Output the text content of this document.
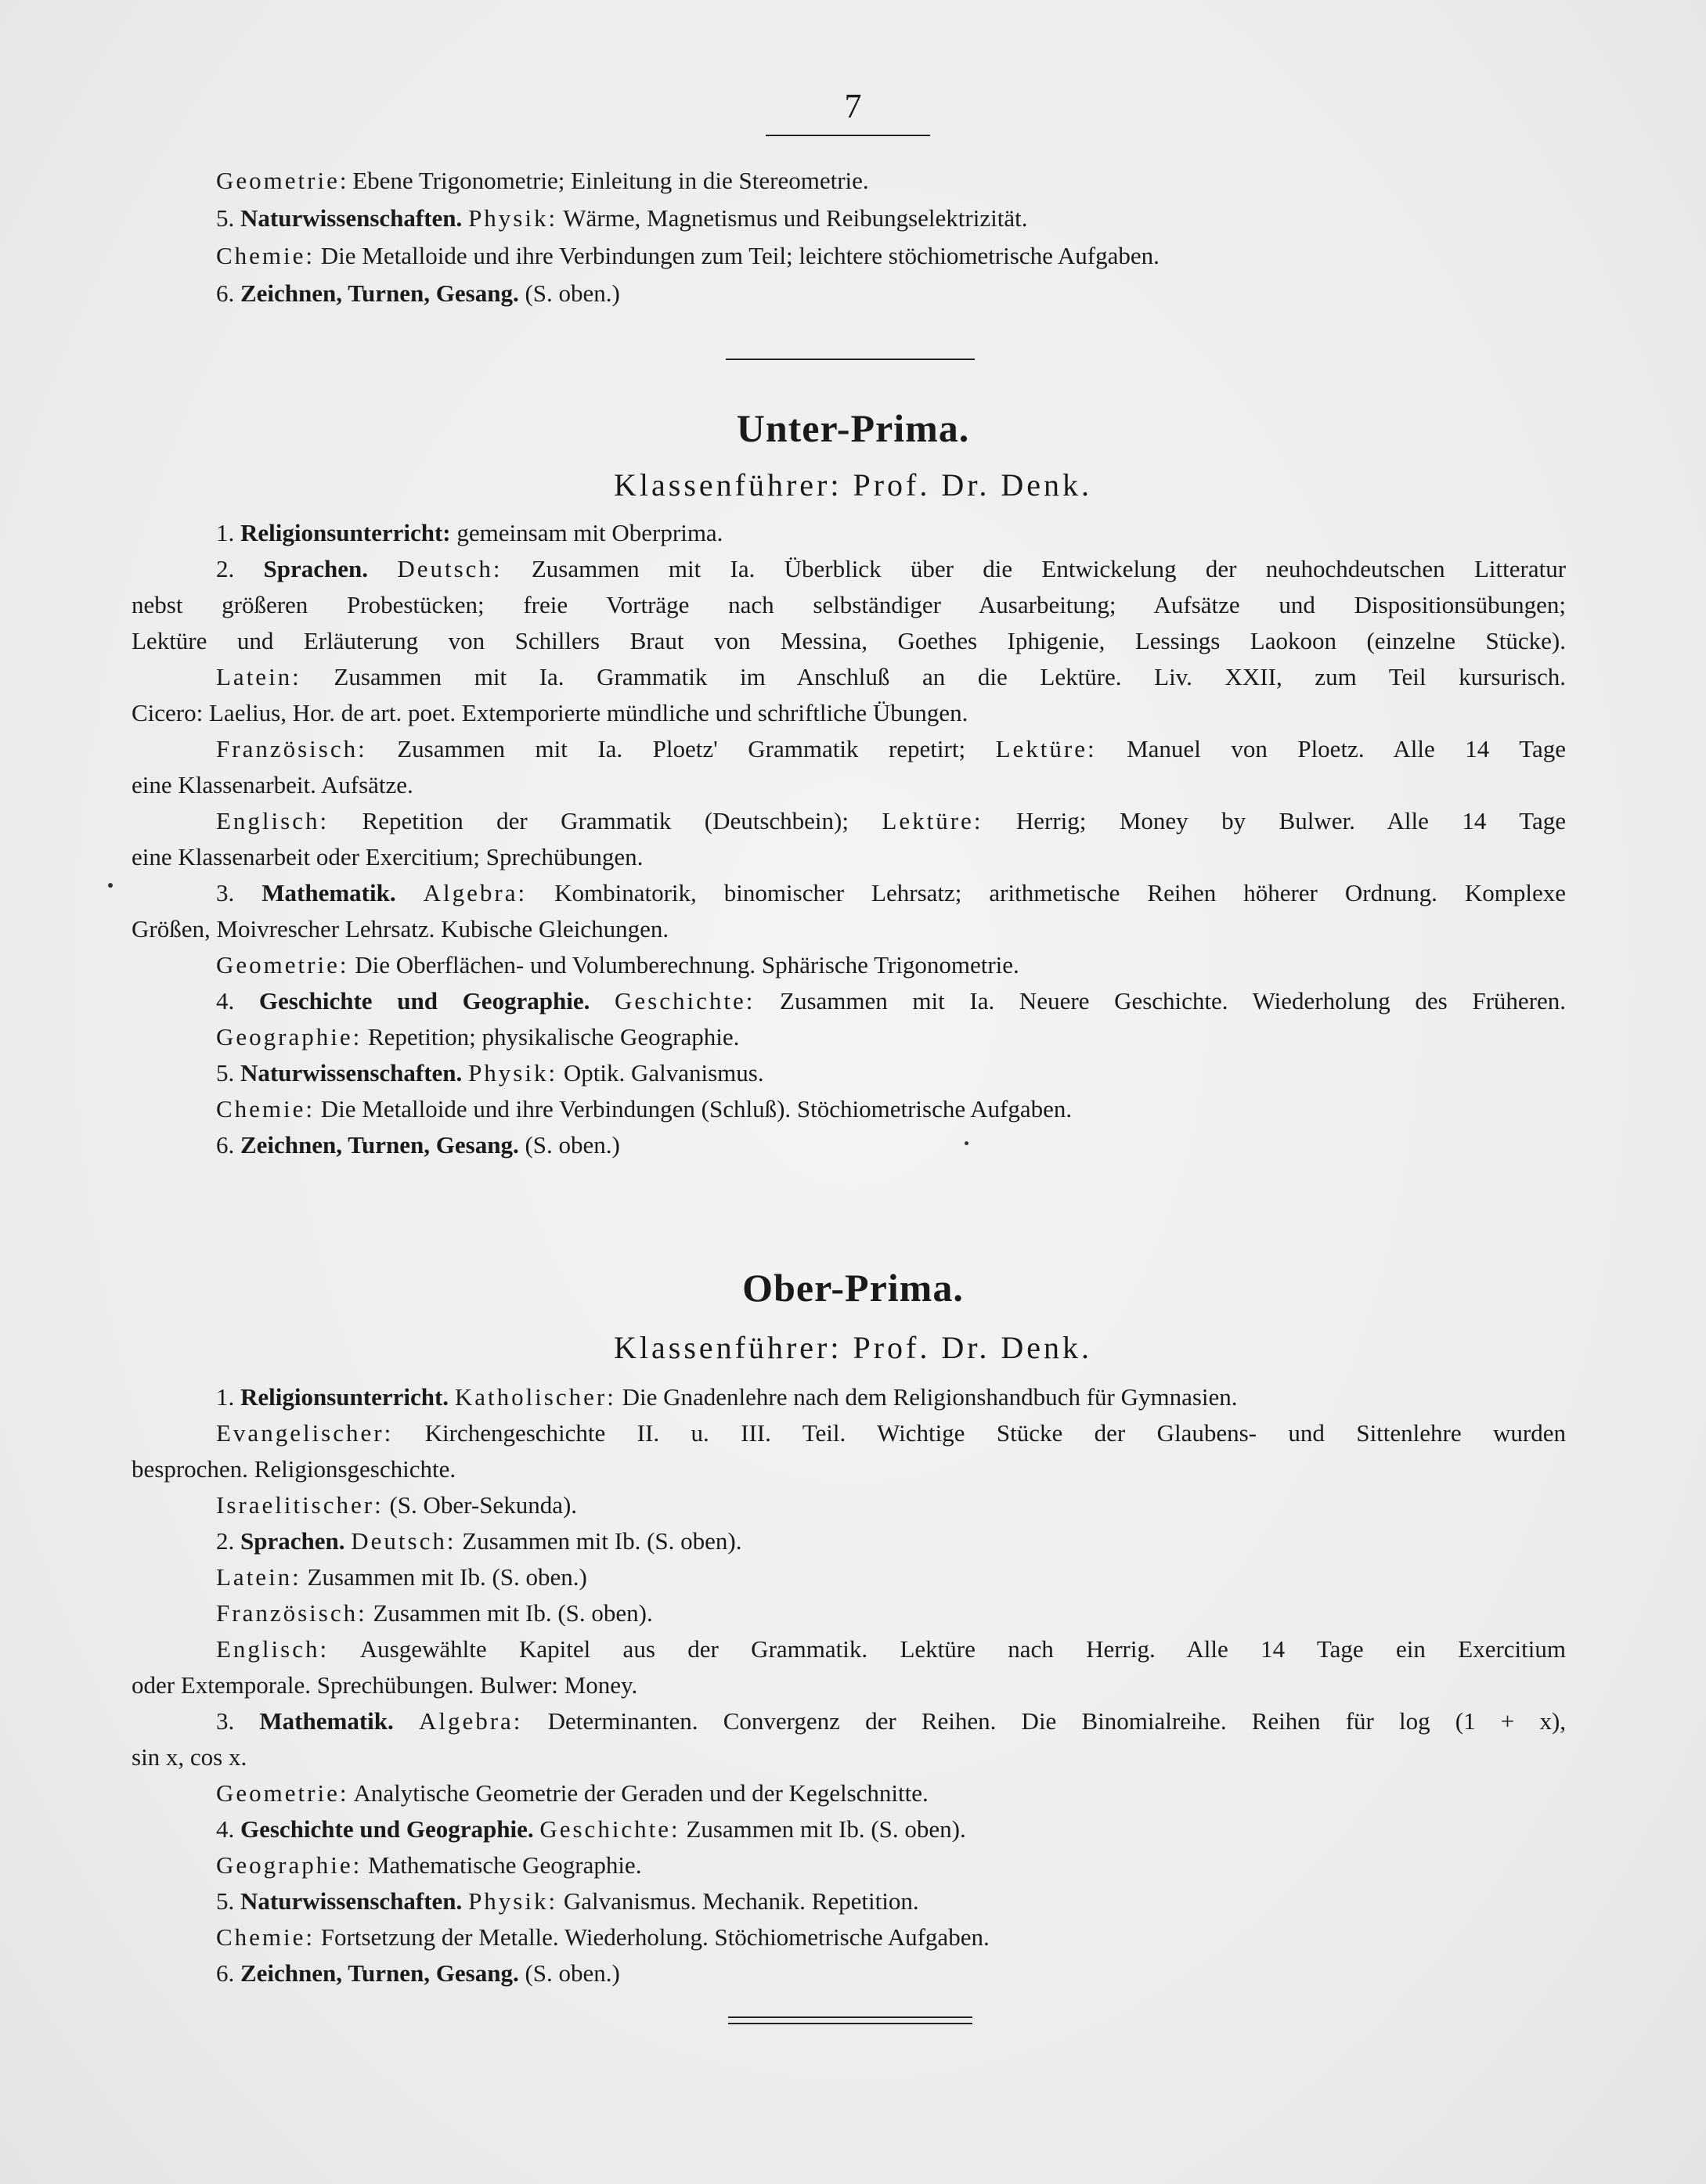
7
Geometrie: Ebene Trigonometrie; Einleitung in die Stereometrie.
5. Naturwissenschaften. Physik: Wärme, Magnetismus und Reibungselektrizität.
Chemie: Die Metalloide und ihre Verbindungen zum Teil; leichtere stöchiometrische Aufgaben.
6. Zeichnen, Turnen, Gesang. (S. oben.)
Unter-Prima.
Klassenführer: Prof. Dr. Denk.
1. Religionsunterricht: gemeinsam mit Oberprima.
2. Sprachen. Deutsch: Zusammen mit Ia. Überblick über die Entwickelung der neuhochdeutschen Litteratur
nebst größeren Probestücken; freie Vorträge nach selbständiger Ausarbeitung; Aufsätze und Dispositionsübungen;
Lektüre und Erläuterung von Schillers Braut von Messina, Goethes Iphigenie, Lessings Laokoon (einzelne Stücke).
Latein: Zusammen mit Ia. Grammatik im Anschluß an die Lektüre. Liv. XXII, zum Teil kursurisch.
Cicero: Laelius, Hor. de art. poet. Extemporierte mündliche und schriftliche Übungen.
Französisch: Zusammen mit Ia. Ploetz' Grammatik repetirt; Lektüre: Manuel von Ploetz. Alle 14 Tage
eine Klassenarbeit. Aufsätze.
Englisch: Repetition der Grammatik (Deutschbein); Lektüre: Herrig; Money by Bulwer. Alle 14 Tage
eine Klassenarbeit oder Exercitium; Sprechübungen.
3. Mathematik. Algebra: Kombinatorik, binomischer Lehrsatz; arithmetische Reihen höherer Ordnung. Komplexe
Größen, Moivrescher Lehrsatz. Kubische Gleichungen.
Geometrie: Die Oberflächen- und Volumberechnung. Sphärische Trigonometrie.
4. Geschichte und Geographie. Geschichte: Zusammen mit Ia. Neuere Geschichte. Wiederholung des Früheren.
Geographie: Repetition; physikalische Geographie.
5. Naturwissenschaften. Physik: Optik. Galvanismus.
Chemie: Die Metalloide und ihre Verbindungen (Schluß). Stöchiometrische Aufgaben.
6. Zeichnen, Turnen, Gesang. (S. oben.)
Ober-Prima.
Klassenführer: Prof. Dr. Denk.
1. Religionsunterricht. Katholischer: Die Gnadenlehre nach dem Religionshandbuch für Gymnasien.
Evangelischer: Kirchengeschichte II. u. III. Teil. Wichtige Stücke der Glaubens- und Sittenlehre wurden
besprochen. Religionsgeschichte.
Israelitischer: (S. Ober-Sekunda).
2. Sprachen. Deutsch: Zusammen mit Ib. (S. oben).
Latein: Zusammen mit Ib. (S. oben.)
Französisch: Zusammen mit Ib. (S. oben).
Englisch: Ausgewählte Kapitel aus der Grammatik. Lektüre nach Herrig. Alle 14 Tage ein Exercitium
oder Extemporale. Sprechübungen. Bulwer: Money.
3. Mathematik. Algebra: Determinanten. Convergenz der Reihen. Die Binomialreihe. Reihen für log (1 + x),
sin x, cos x.
Geometrie: Analytische Geometrie der Geraden und der Kegelschnitte.
4. Geschichte und Geographie. Geschichte: Zusammen mit Ib. (S. oben).
Geographie: Mathematische Geographie.
5. Naturwissenschaften. Physik: Galvanismus. Mechanik. Repetition.
Chemie: Fortsetzung der Metalle. Wiederholung. Stöchiometrische Aufgaben.
6. Zeichnen, Turnen, Gesang. (S. oben.)
